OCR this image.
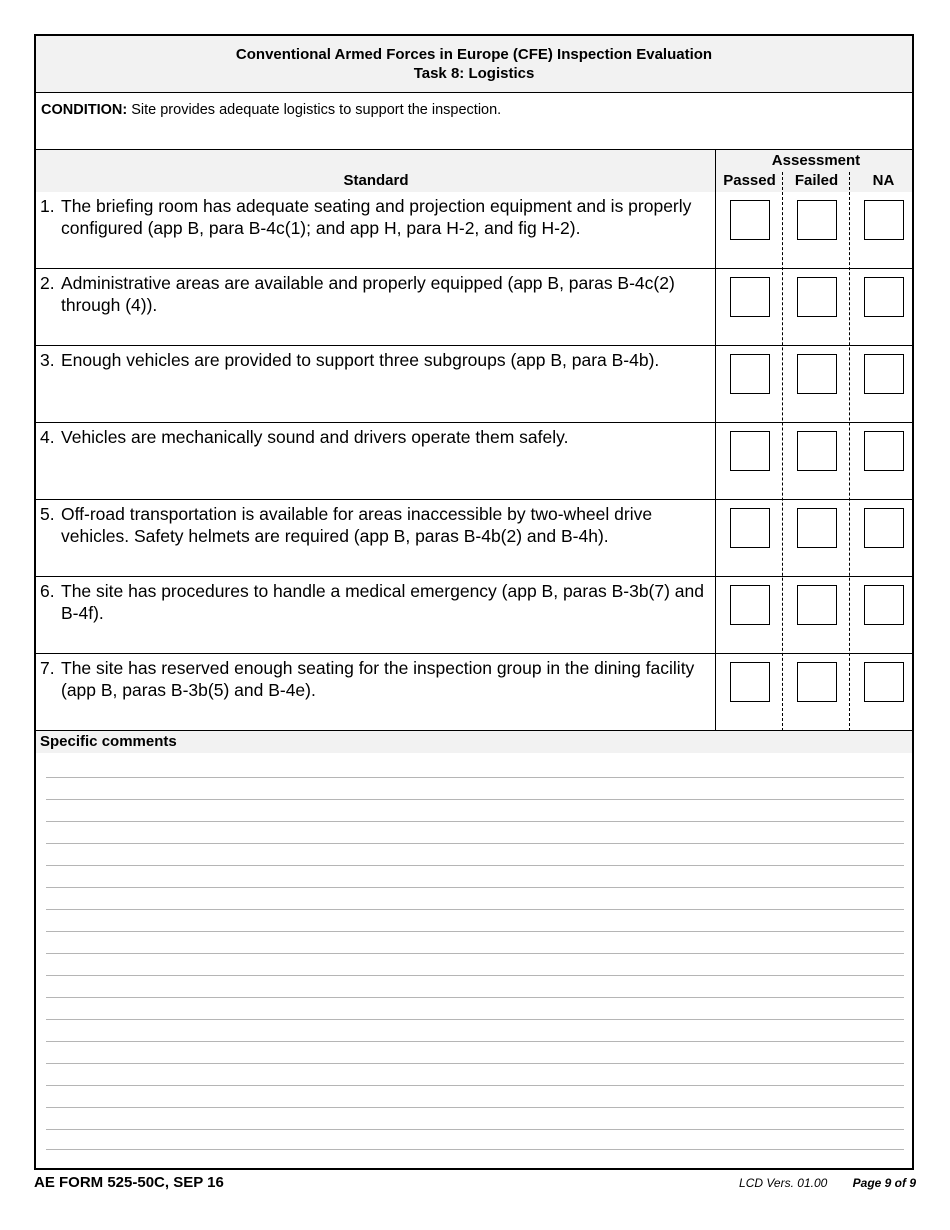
Conventional Armed Forces in Europe (CFE) Inspection Evaluation
Task 8: Logistics
CONDITION: Site provides adequate logistics to support the inspection.
Standard
Assessment
Passed	Failed	NA
1. The briefing room has adequate seating and projection equipment and is properly configured (app B, para B-4c(1); and app H, para H-2, and fig H-2).
2. Administrative areas are available and properly equipped (app B, paras B-4c(2) through (4)).
3. Enough vehicles are provided to support three subgroups (app B, para B-4b).
4. Vehicles are mechanically sound and drivers operate them safely.
5. Off-road transportation is available for areas inaccessible by two-wheel drive vehicles. Safety helmets are required (app B, paras B-4b(2) and B-4h).
6. The site has procedures to handle a medical emergency (app B, paras B-3b(7) and B-4f).
7. The site has reserved enough seating for the inspection group in the dining facility (app B, paras B-3b(5) and B-4e).
Specific comments
AE FORM 525-50C, SEP 16	LCD Vers. 01.00 Page 9 of 9
